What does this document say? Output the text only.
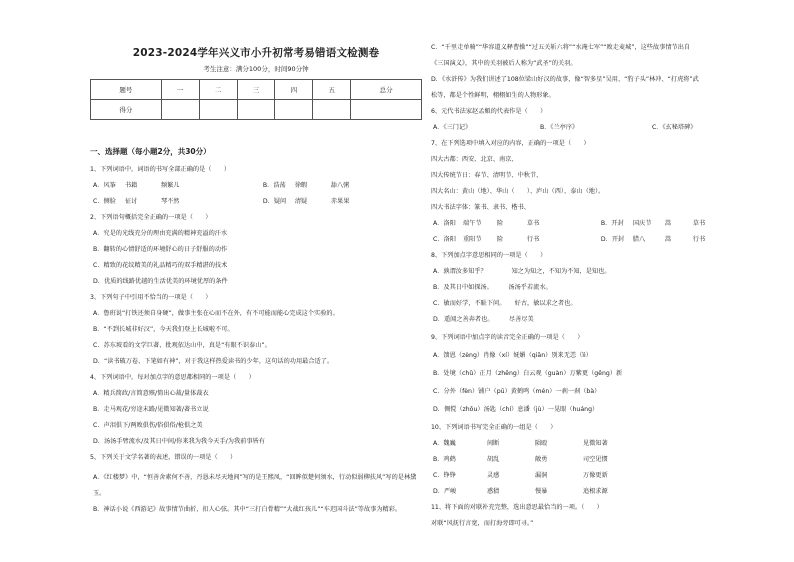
2023-2024学年兴义市小升初常考易错语文检测卷
考生注意：满分100分，时间90分钟
题号	一	二	三	四	五	总分
得分						
一、选择题（每小题2分，共30分）
1、下列词语中，词语的书写全部正确的是（　　）
A．风筝 书籍	频繁儿	B．浩荡 徐暇	舔八粥
C．侧脸 征讨	琴不然	D．疑问 清疑	赤果果
2、下列语句概括完全正确的一项是（　　）
A．究是的光线充分的理由充满的精神充溢的汗水
B．翻转的心情舒适的环境舒心的日子舒服的动作
C．精致的花纹精美的礼品精巧的双手精湛的技术
D．优质的线路优越的生活优美的环境优厚的条件
3、下列句子中引用不恰当的一项是（　　）
A．鲁班说“打铁还须自身硬”，做事主张在心而不在外，有不可能而能心完成这个实验的。
B．“不到长城非好汉”，今天我们登上长城啦不可。
C．苏东坡看的文学巨著，批观依达山中，真是“有眼不识泰山”。
D．“读书破万卷，下笔如有神”，对于我这样热爱读书的少年，这句话的功用最合适了。
4、下列词语中，每对加点字的意思都相同的一项是（　　）
A．精兵简政/言简意赅/简出心裁/量体裁衣
B．走马观花/穷途末路/见微知著/著书立说
C．声泪俱下/两败俱伤/俗俱俗/枪俱之美
D．汤汤手臂流水/及其日中间/你来我为我今天手/为我前事皆有
5、下列关于文学名著的表述，错误的一项是（　　）
A．《红楼梦》中，“恒善舍素何不善，丹恳未尽天地间”写的是王熙凤，“回眸似楚何须水，行动似弱柳扶风”写的是林黛玉。
B．神话小说《西游记》故事情节曲折，扣人心弦。其中“三打白骨精”“大战红孩儿”“车迟国斗法”等故事为精彩。
C．“千里走单骑”“华容道义释曹操”“过五关斩六将”“水淹七军”“败走麦城”，这些故事情节出自
《三国演义》，其中的关羽被后人称为“武圣”的关羽。
D．《水浒传》为我们讲述了108位梁山好汉的故事，像“智多星”吴用、“豹子头”林冲、“打虎将”武
松等，都是个性鲜明，栩栩如生的人物形象。
6、元代书法家赵孟頫的代表作是（　　）
A．《三门记》	B．《兰亭序》	C．《玄秘塔碑》
7、在下列选项中填入对应的内容，正确的一项是（　　）
四大古都：西安、北京、南京、
四大传统节日：春节、清明节、中秋节、
四大名山：黄山（地）、华山（　　）、庐山（西）、泰山（地）。
四大书法字体：篆书、隶书、楷书、
A．洛阳 端午节 险	草书	B．开封 国庆节 嵩	草书
C．洛阳 重阳节 险	行书	D．开封 腊八	嵩	行书
8、下列加点字意思相同的一项是（　　）
A．孰谓汝多知乎？　　　　知之为知之，不知为不知，是知也。
B．及其日中如探汤。　　　汤汤乎若流水。
C．敏而好学，不耻下问。　　好古，敏以求之者也。
D．遥闻之善奔者也。　　　尽善尽美
9、下列词语中加点字的读音完全正确的一项是（　　）
A．馈恩（zèng）肖像（xí）妩媚（qiān）别来无恙（ìì）
B．处境（chǔ）正月（zhēng）白云观（guàn）万紫更（gēng）新
C．分外（fèn）铺户（pū）黄鹤鸣（mén）一刹一刹（bà）
D．倜傥（zhōu）汤匙（chí）息潘（jù）一晃眼（huáng）
10、下列词语书写完全正确的一组是（　　）
A．魏巍	间断	陨殴	见微知著
B．鸡鹤	胡乱	敞勇	司空见惯
C．铮铮	灵感	漏洞	万像更新
D．严峻	惑猜	慢暴	追根求源
11、将下面的对联补充完整，选出意思最恰当的一项。（　　）
对联“风抚行言宽，而打海旁即可寻。”
